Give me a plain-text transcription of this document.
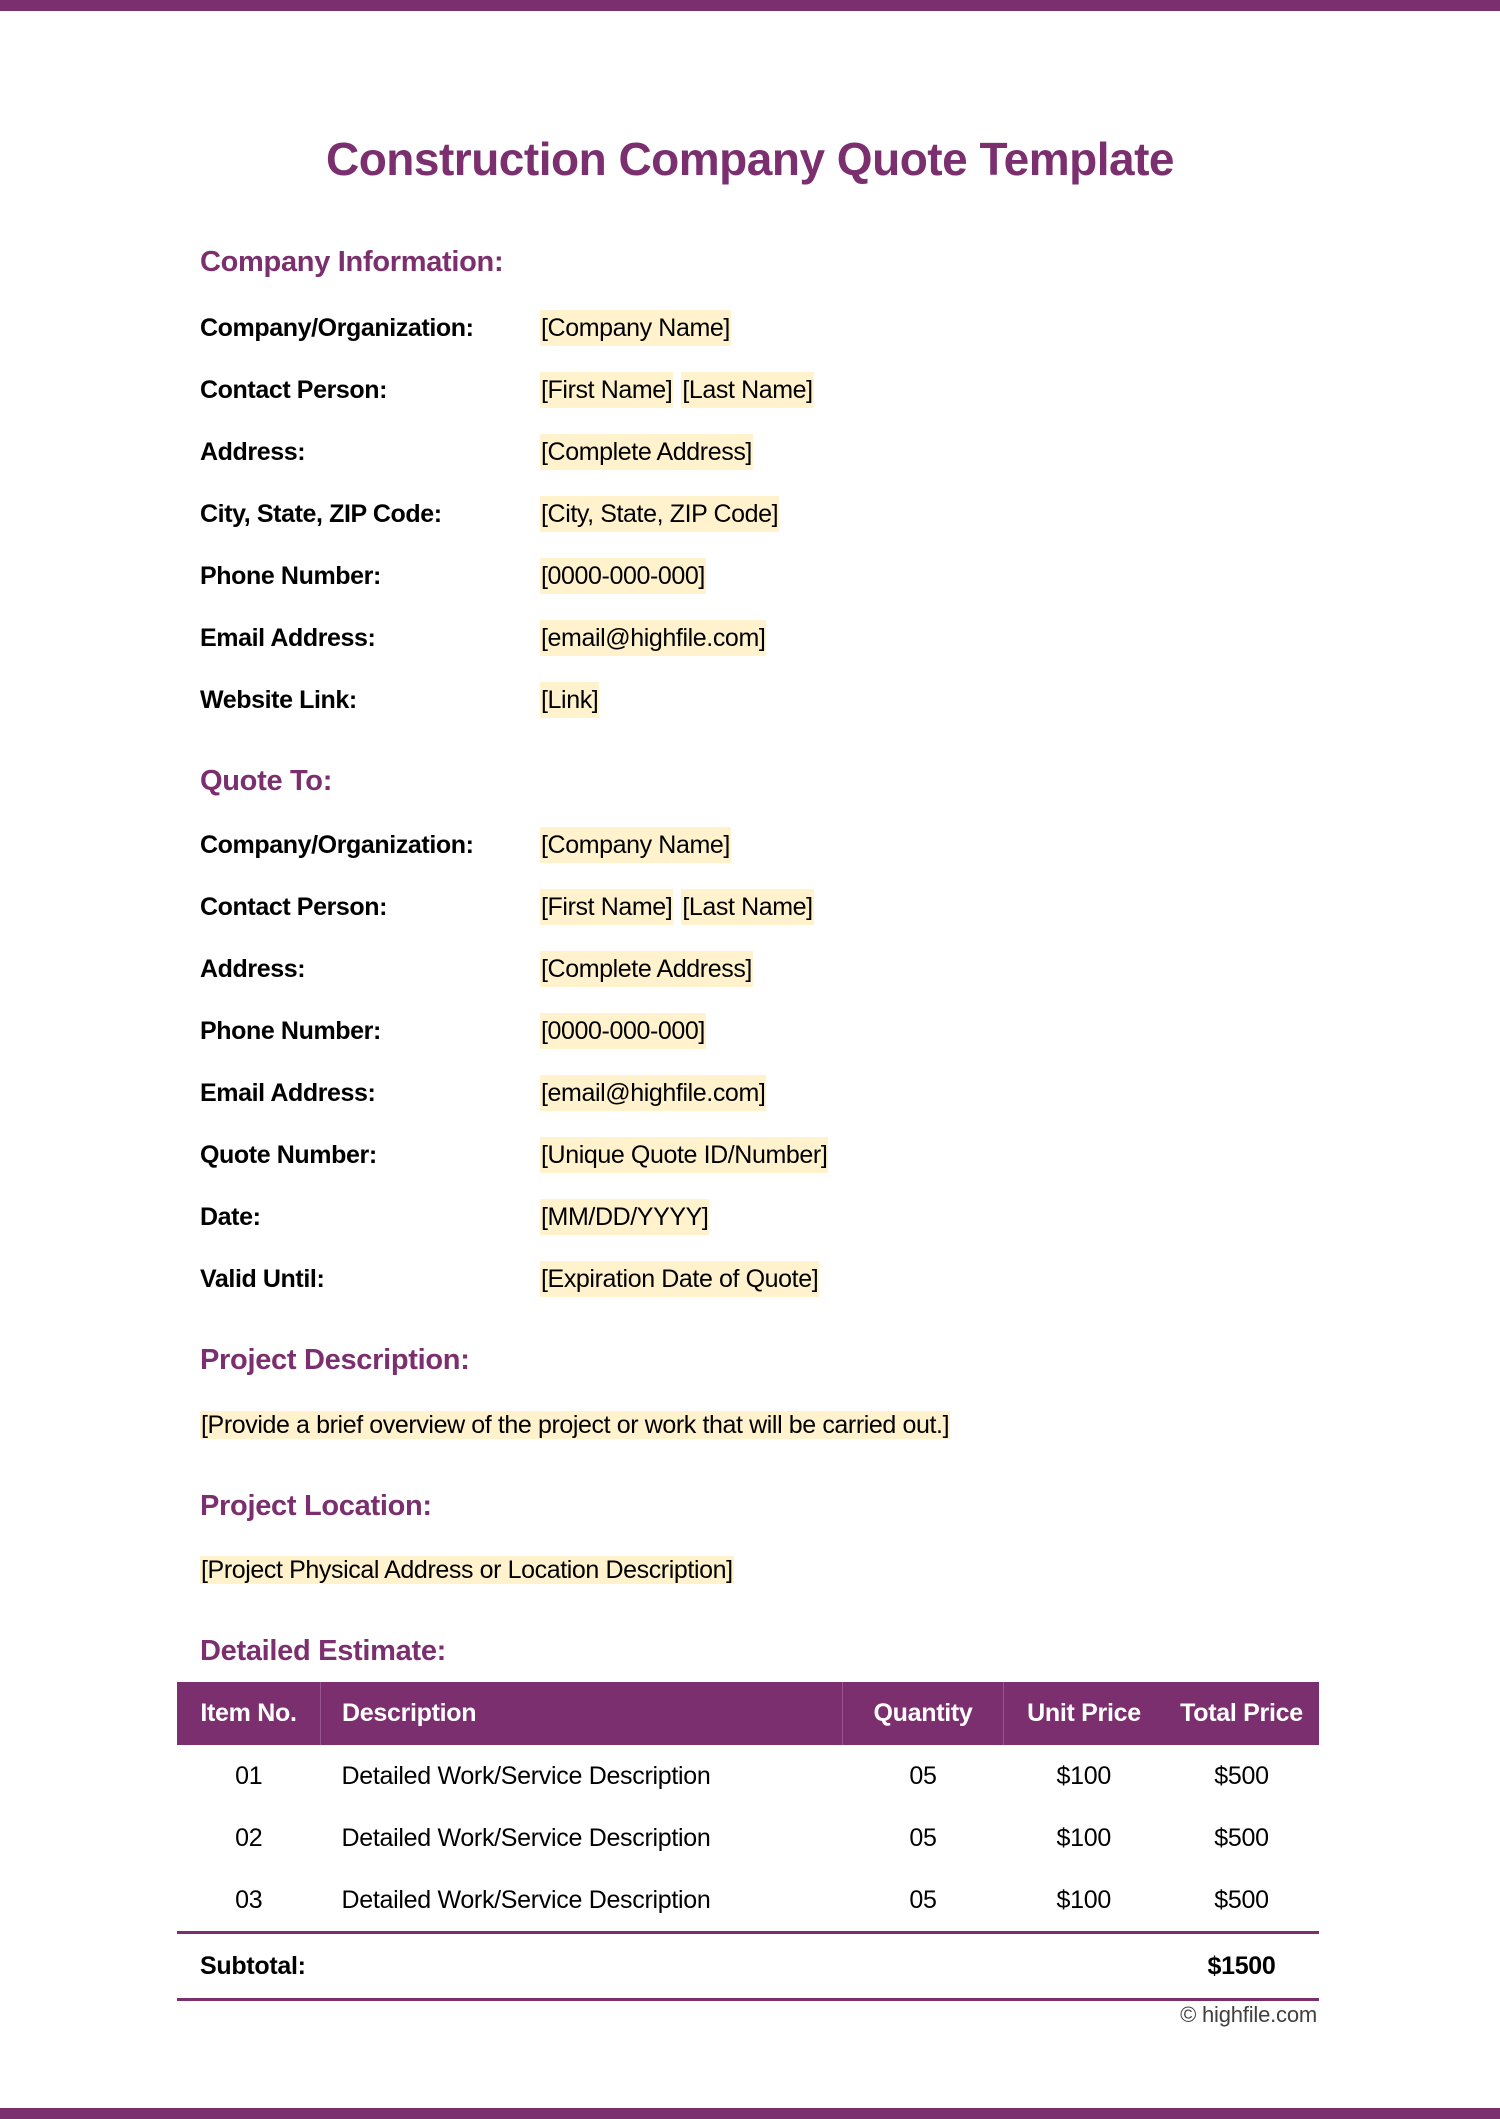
Construction Company Quote Template
Company Information:
Company/Organization:	[Company Name]
Contact Person:	[First Name] [Last Name]
Address:	[Complete Address]
City, State, ZIP Code:	[City, State, ZIP Code]
Phone Number:	[0000-000-000]
Email Address:	[email@highfile.com]
Website Link:	[Link]
Quote To:
Company/Organization:	[Company Name]
Contact Person:	[First Name] [Last Name]
Address:	[Complete Address]
Phone Number:	[0000-000-000]
Email Address:	[email@highfile.com]
Quote Number:	[Unique Quote ID/Number]
Date:	[MM/DD/YYYY]
Valid Until:	[Expiration Date of Quote]
Project Description:
[Provide a brief overview of the project or work that will be carried out.]
Project Location:
[Project Physical Address or Location Description]
Detailed Estimate:
Item No.	Description	Quantity	Unit Price	Total Price
01	Detailed Work/Service Description	05	$100	$500
02	Detailed Work/Service Description	05	$100	$500
03	Detailed Work/Service Description	05	$100	$500
Subtotal:				$1500
© highfile.com
